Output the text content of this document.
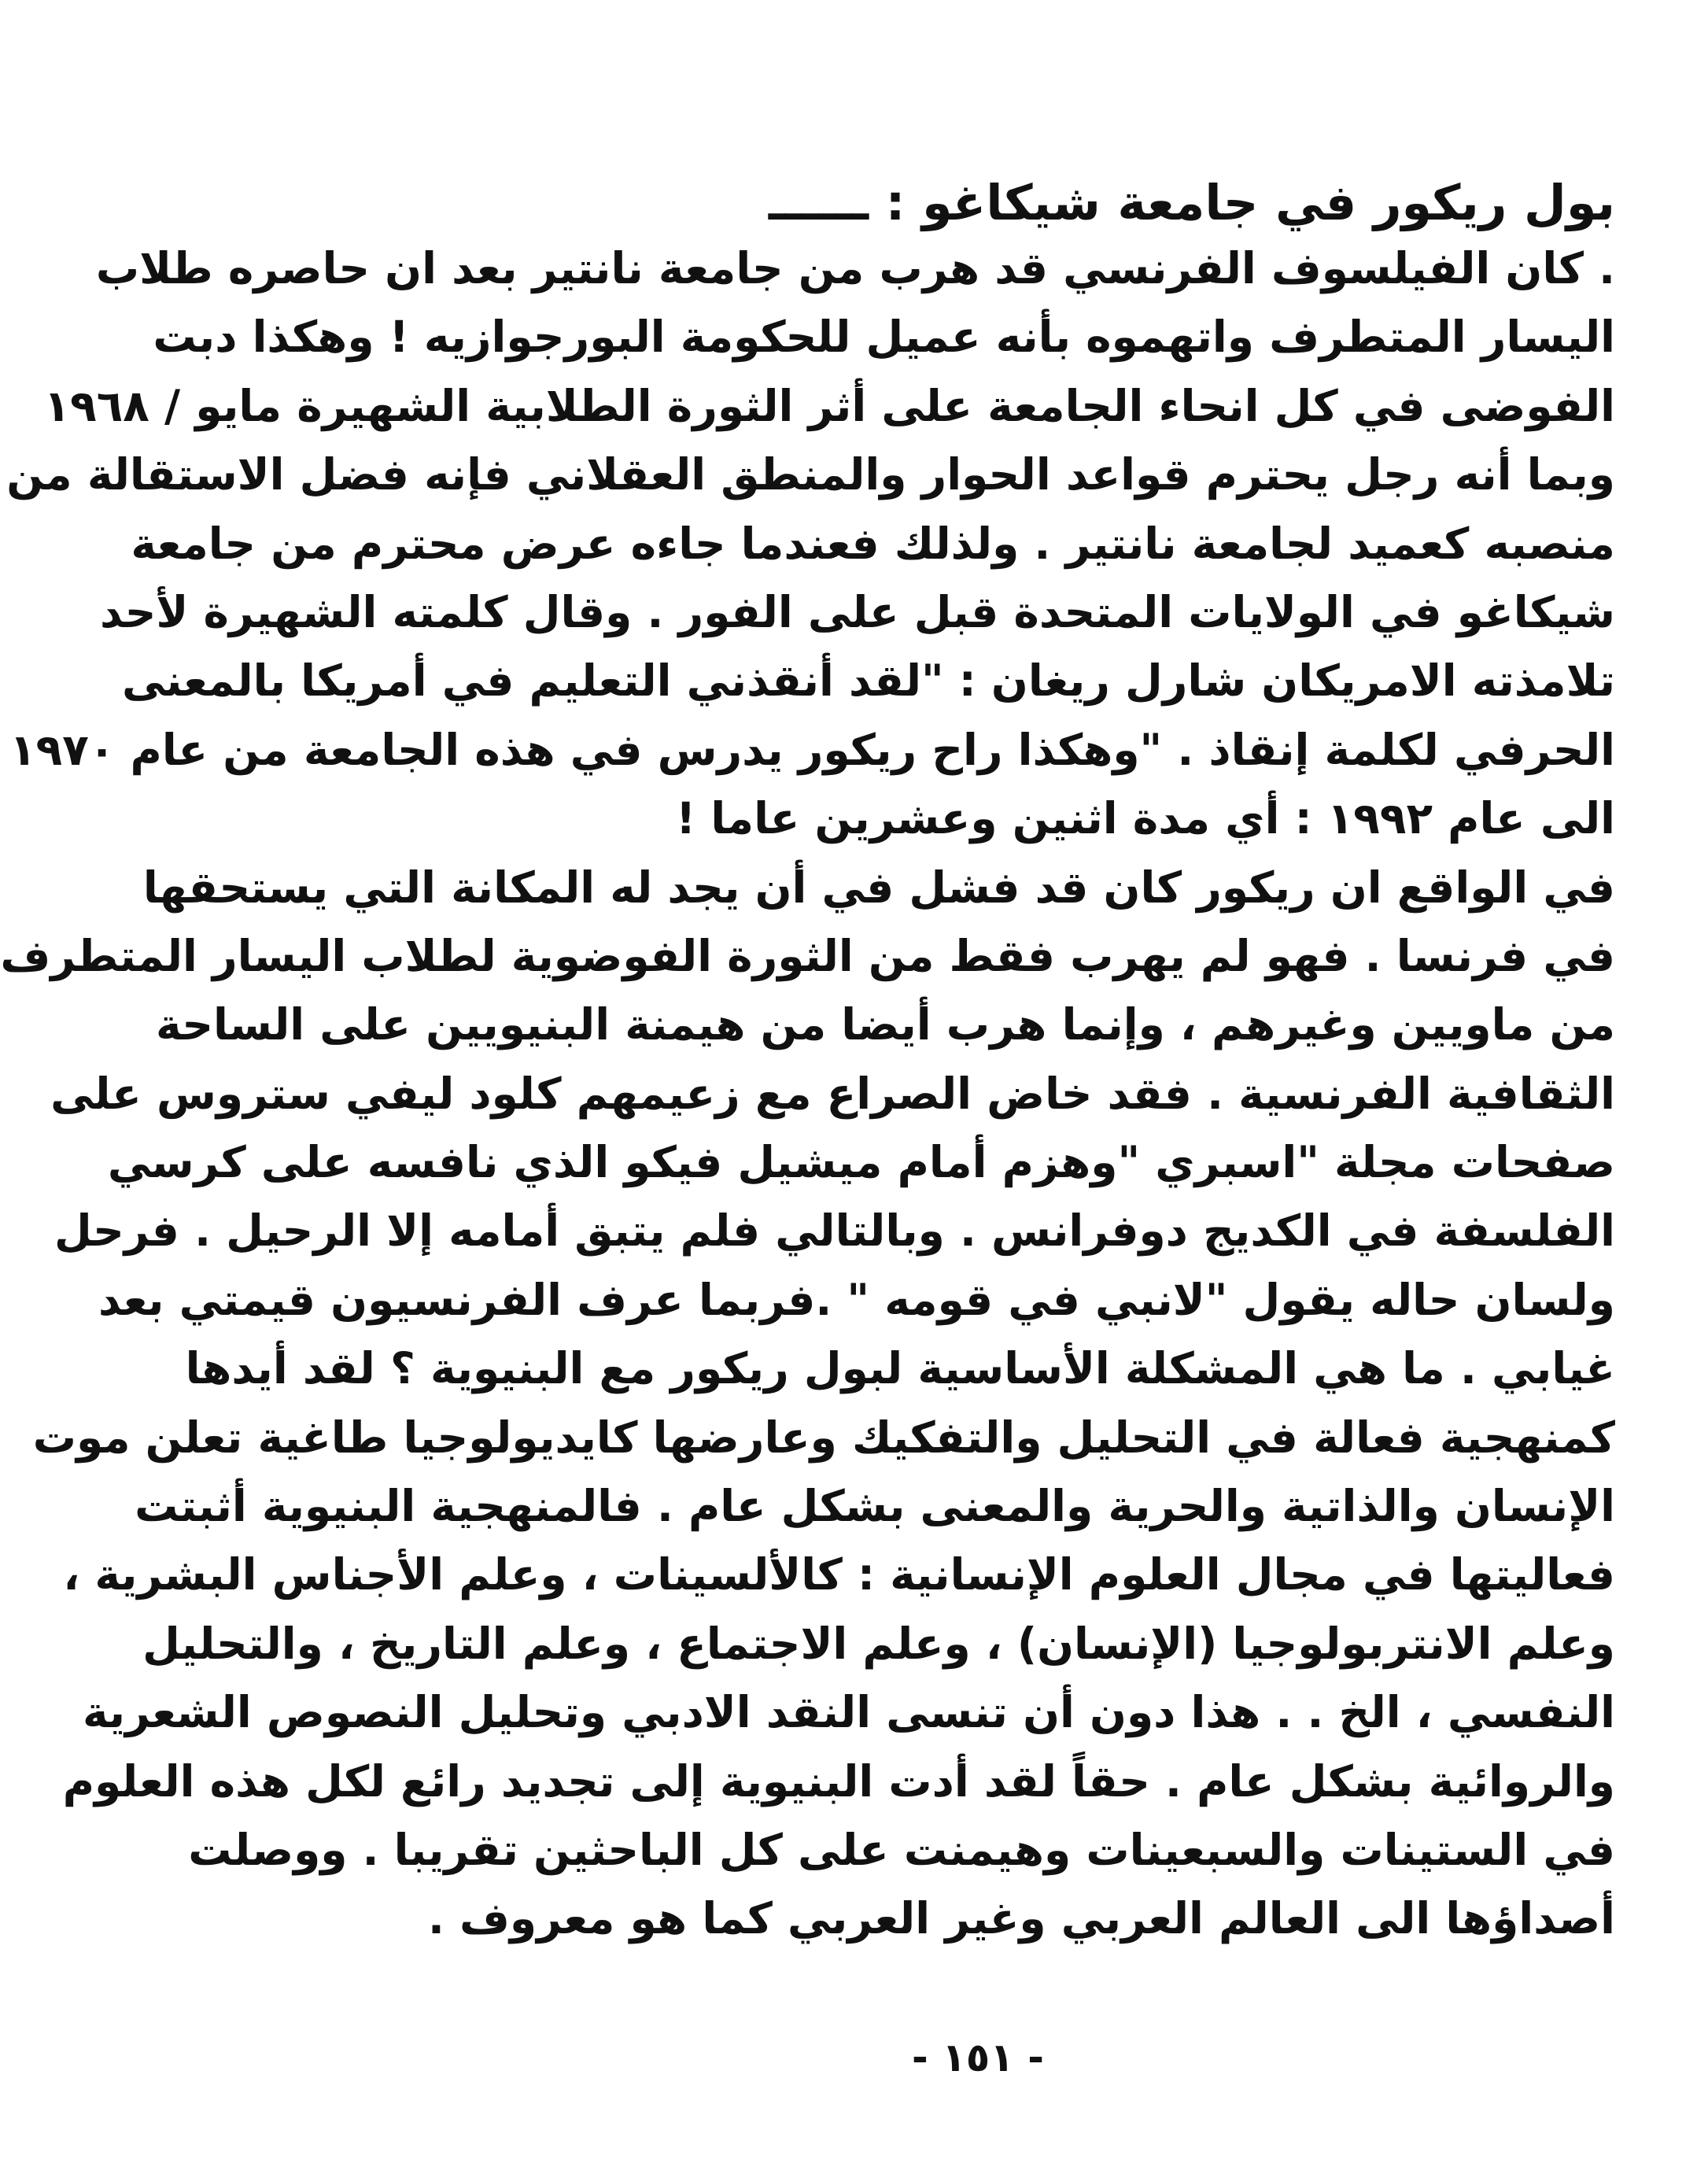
بول ريكور في جامعة شيكاغو : ــــــ
. كان الفيلسوف الفرنسي قد هرب من جامعة نانتير بعد ان حاصره طلاب
اليسار المتطرف واتهموه بأنه عميل للحكومة البورجوازيه ! وهكذا دبت
الفوضى في كل انحاء الجامعة على أثر الثورة الطلابية الشهيرة مايو / ١٩٦٨
وبما أنه رجل يحترم قواعد الحوار والمنطق العقلاني فإنه فضل الاستقالة من
منصبه كعميد لجامعة نانتير . ولذلك فعندما جاءه عرض محترم من جامعة
شيكاغو في الولايات المتحدة قبل على الفور . وقال كلمته الشهيرة لأحد
تلامذته الامريكان شارل ريغان : "لقد أنقذني التعليم في أمريكا بالمعنى
الحرفي لكلمة إنقاذ . "وهكذا راح ريكور يدرس في هذه الجامعة من عام ١٩٧٠
الى عام ١٩٩٢ : أي مدة اثنين وعشرين عاما !
في الواقع ان ريكور كان قد فشل في أن يجد له المكانة التي يستحقها
في فرنسا . فهو لم يهرب فقط من الثورة الفوضوية لطلاب اليسار المتطرف
من ماويين وغيرهم ، وإنما هرب أيضا من هيمنة البنيويين على الساحة
الثقافية الفرنسية . فقد خاض الصراع مع زعيمهم كلود ليفي ستروس على
صفحات مجلة "اسبري "وهزم أمام ميشيل فيكو الذي نافسه على كرسي
الفلسفة في الكديج دوفرانس . وبالتالي فلم يتبق أمامه إلا الرحيل . فرحل
ولسان حاله يقول "لانبي في قومه " .فربما عرف الفرنسيون قيمتي بعد
غيابي . ما هي المشكلة الأساسية لبول ريكور مع البنيوية ؟ لقد أيدها
كمنهجية فعالة في التحليل والتفكيك وعارضها كايديولوجيا طاغية تعلن موت
الإنسان والذاتية والحرية والمعنى بشكل عام . فالمنهجية البنيوية أثبتت
فعاليتها في مجال العلوم الإنسانية : كالألسينات ، وعلم الأجناس البشرية ،
وعلم الانتربولوجيا (الإنسان) ، وعلم الاجتماع ، وعلم التاريخ ، والتحليل
النفسي ، الخ . . هذا دون أن تنسى النقد الادبي وتحليل النصوص الشعرية
والروائية بشكل عام . حقاً لقد أدت البنيوية إلى تجديد رائع لكل هذه العلوم
في الستينات والسبعينات وهيمنت على كل الباحثين تقريبا . ووصلت
أصداؤها الى العالم العربي وغير العربي كما هو معروف .
- ١٥١ -
